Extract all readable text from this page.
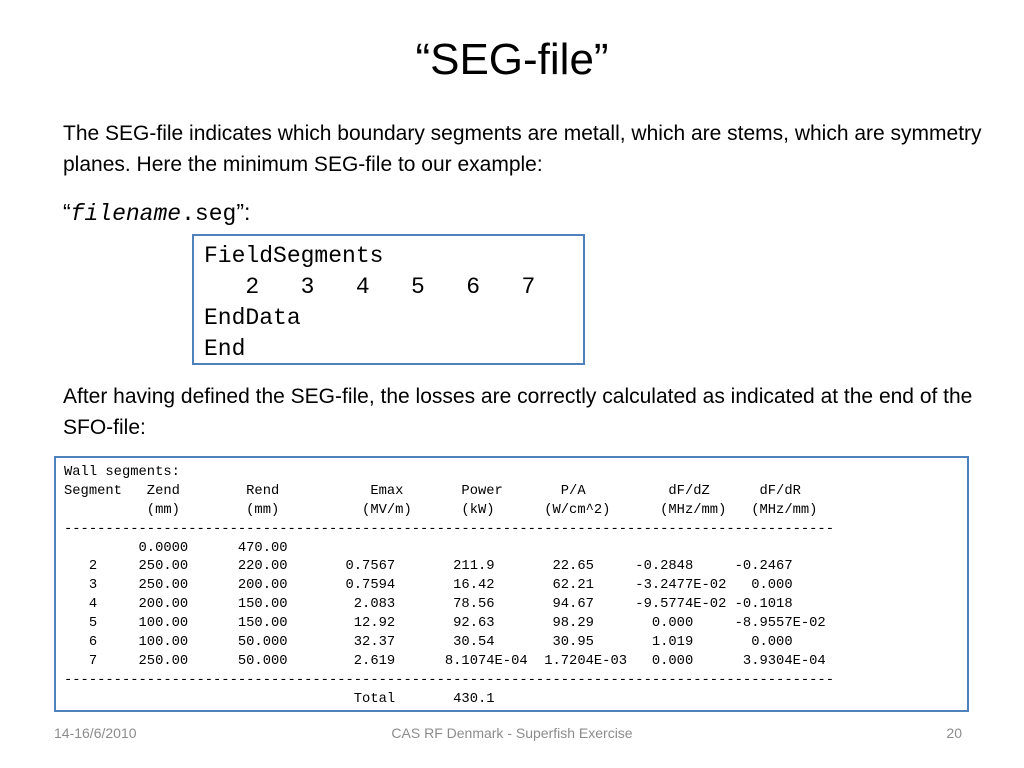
“SEG-file”
The SEG-file indicates which boundary segments are metall, which are stems, which are symmetry planes. Here the minimum SEG-file to our example:
“filename.seg”:
FieldSegments
2   3   4   5   6   7
EndData
End
After having defined the SEG-file, the losses are correctly calculated as indicated at the end of the SFO-file:
Wall segments:
Segment   Zend        Rend           Emax       Power       P/A          dF/dZ      dF/dR
(mm)        (mm)          (MV/m)      (kW)      (W/cm^2)      (MHz/mm)   (MHz/mm)
---------------------------------------------------------------------------------------------
0.0000      470.00
2     250.00      220.00       0.7567       211.9       22.65     -0.2848     -0.2467
3     250.00      200.00       0.7594       16.42       62.21     -3.2477E-02   0.000
4     200.00      150.00        2.083       78.56       94.67     -9.5774E-02 -0.1018
5     100.00      150.00        12.92       92.63       98.29       0.000     -8.9557E-02
6     100.00      50.000        32.37       30.54       30.95       1.019       0.000
7     250.00      50.000        2.619      8.1074E-04  1.7204E-03   0.000      3.9304E-04
---------------------------------------------------------------------------------------------
Total       430.1
14-16/6/2010	CAS RF Denmark - Superfish Exercise	20
